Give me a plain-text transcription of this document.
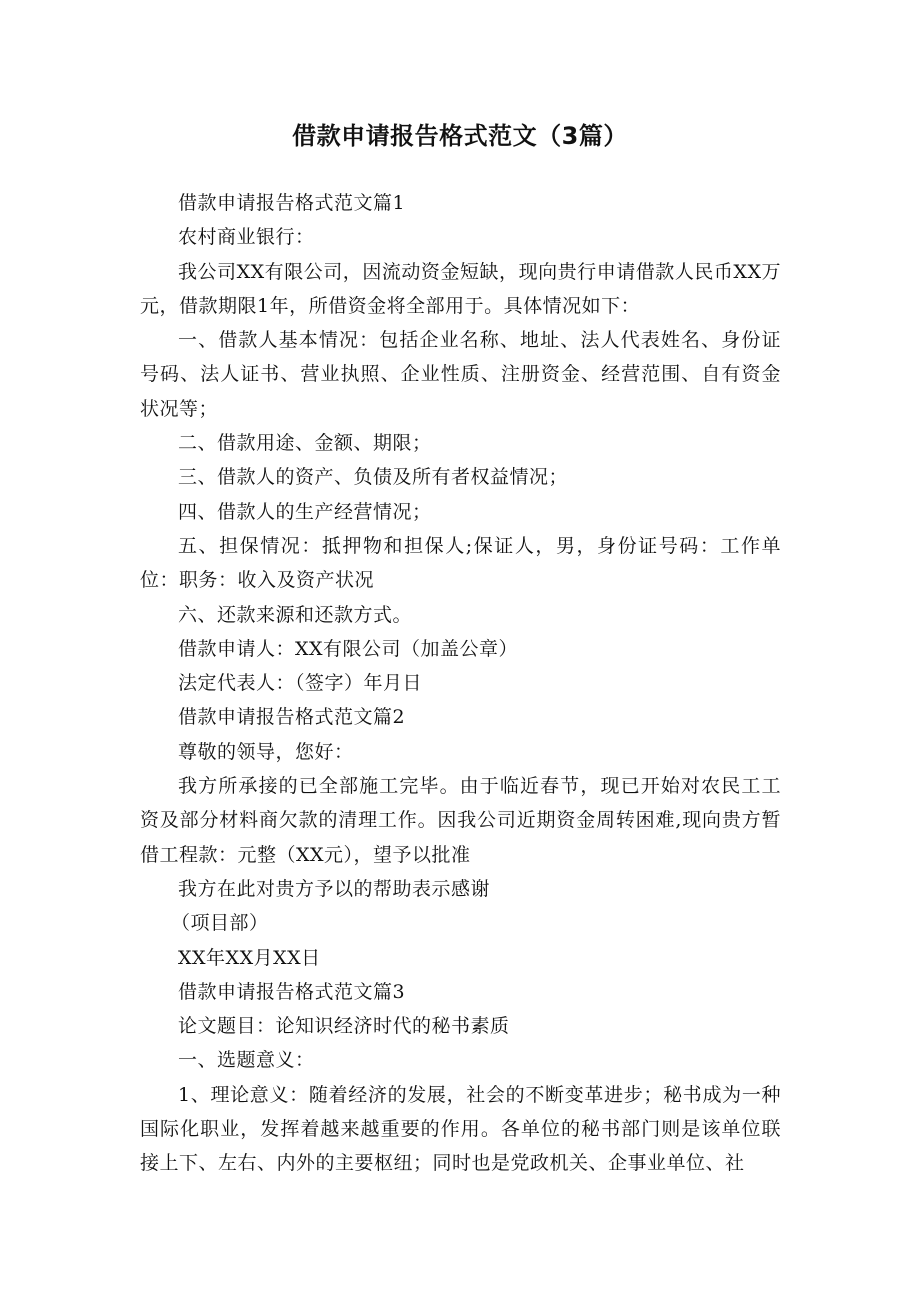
借款申请报告格式范文（3篇）

借款申请报告格式范文篇1

农村商业银行：

我公司XX有限公司，因流动资金短缺，现向贵行申请借款人民币XX万元，借款期限1年，所借资金将全部用于。具体情况如下：

一、借款人基本情况：包括企业名称、地址、法人代表姓名、身份证号码、法人证书、营业执照、企业性质、注册资金、经营范围、自有资金状况等；

二、借款用途、金额、期限；

三、借款人的资产、负债及所有者权益情况；

四、借款人的生产经营情况；

五、担保情况：抵押物和担保人;保证人，男，身份证号码：工作单位：职务：收入及资产状况

六、还款来源和还款方式。

借款申请人：XX有限公司（加盖公章）

法定代表人：（签字）年月日

借款申请报告格式范文篇2

尊敬的领导，您好：

我方所承接的已全部施工完毕。由于临近春节，现已开始对农民工工资及部分材料商欠款的清理工作。因我公司近期资金周转困难,现向贵方暂借工程款：元整（XX元），望予以批准

我方在此对贵方予以的帮助表示感谢

（项目部）

XX年XX月XX日

借款申请报告格式范文篇3

论文题目：论知识经济时代的秘书素质

一、选题意义：

1、理论意义：随着经济的发展，社会的不断变革进步；秘书成为一种国际化职业，发挥着越来越重要的作用。各单位的秘书部门则是该单位联接上下、左右、内外的主要枢纽；同时也是党政机关、企事业单位、社
